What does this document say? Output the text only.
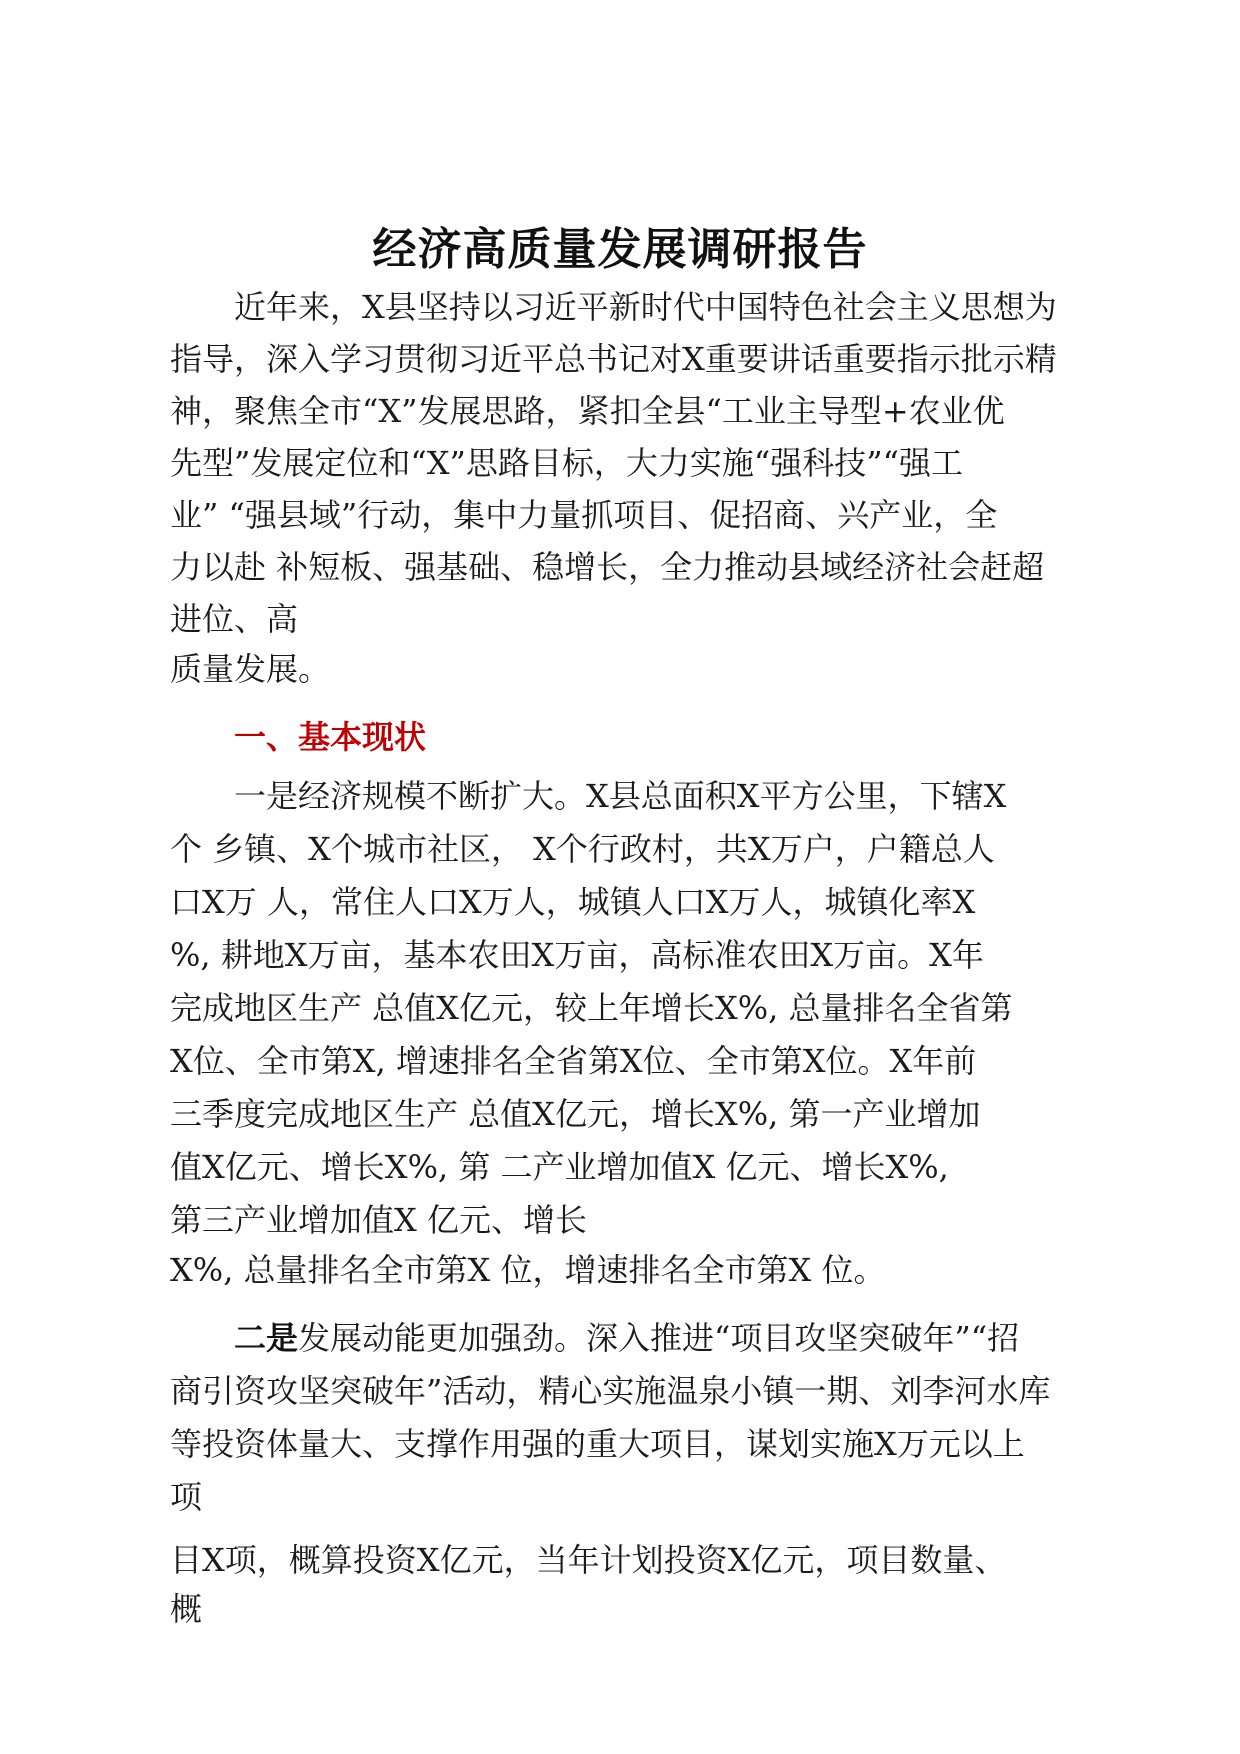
经济高质量发展调研报告
近年来，X县坚持以习近平新时代中国特色社会主义思想为
指导，深入学习贯彻习近平总书记对X重要讲话重要指示批示精
神，聚焦全市“X”发展思路，紧扣全县“工业主导型+农业优
先型”发展定位和“X”思路目标，大力实施“强科技”“强工
业” “强县域”行动，集中力量抓项目、促招商、兴产业，全
力以赴 补短板、强基础、稳增长，全力推动县域经济社会赶超
进位、高
质量发展。
一、基本现状
一是经济规模不断扩大。X县总面积X平方公里，下辖X
个 乡镇、X个城市社区， X个行政村，共X万户，户籍总人
口X万 人，常住人口X万人，城镇人口X万人，城镇化率X
%, 耕地X万亩，基本农田X万亩，高标准农田X万亩。X年
完成地区生产 总值X亿元，较上年增长X%, 总量排名全省第
X位、全市第X, 增速排名全省第X位、全市第X位。X年前
三季度完成地区生产 总值X亿元，增长X%, 第一产业增加
值X亿元、增长X%, 第 二产业增加值X 亿元、增长X%,
第三产业增加值X 亿元、增长
X%, 总量排名全市第X 位，增速排名全市第X 位。
二是发展动能更加强劲。深入推进“项目攻坚突破年”“招
商引资攻坚突破年”活动，精心实施温泉小镇一期、刘李河水库
等投资体量大、支撑作用强的重大项目，谋划实施X万元以上
项
目X项，概算投资X亿元，当年计划投资X亿元，项目数量、
概
